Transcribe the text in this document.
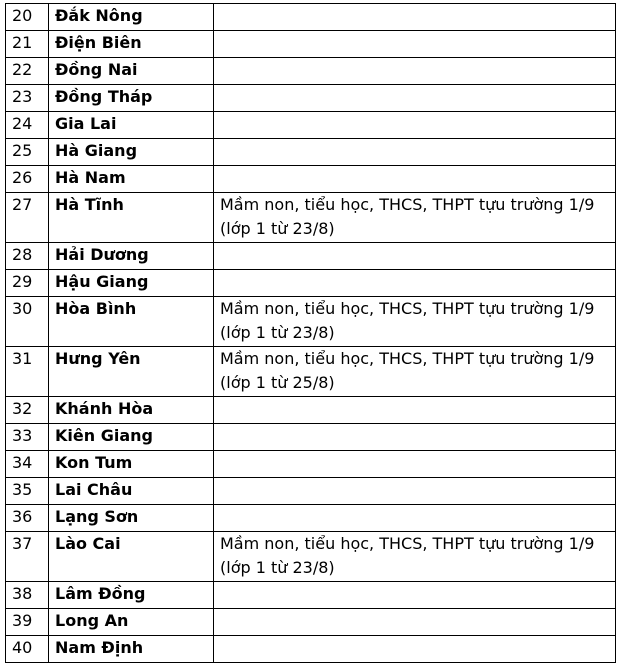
20	Đắk Nông	
21	Điện Biên	
22	Đồng Nai	
23	Đồng Tháp	
24	Gia Lai	
25	Hà Giang	
26	Hà Nam	
27	Hà Tĩnh	Mầm non, tiểu học, THCS, THPT tựu trường 1/9 (lớp 1 từ 23/8)
28	Hải Dương	
29	Hậu Giang	
30	Hòa Bình	Mầm non, tiểu học, THCS, THPT tựu trường 1/9 (lớp 1 từ 23/8)
31	Hưng Yên	Mầm non, tiểu học, THCS, THPT tựu trường 1/9 (lớp 1 từ 25/8)
32	Khánh Hòa	
33	Kiên Giang	
34	Kon Tum	
35	Lai Châu	
36	Lạng Sơn	
37	Lào Cai	Mầm non, tiểu học, THCS, THPT tựu trường 1/9 (lớp 1 từ 23/8)
38	Lâm Đồng	
39	Long An	
40	Nam Định	
